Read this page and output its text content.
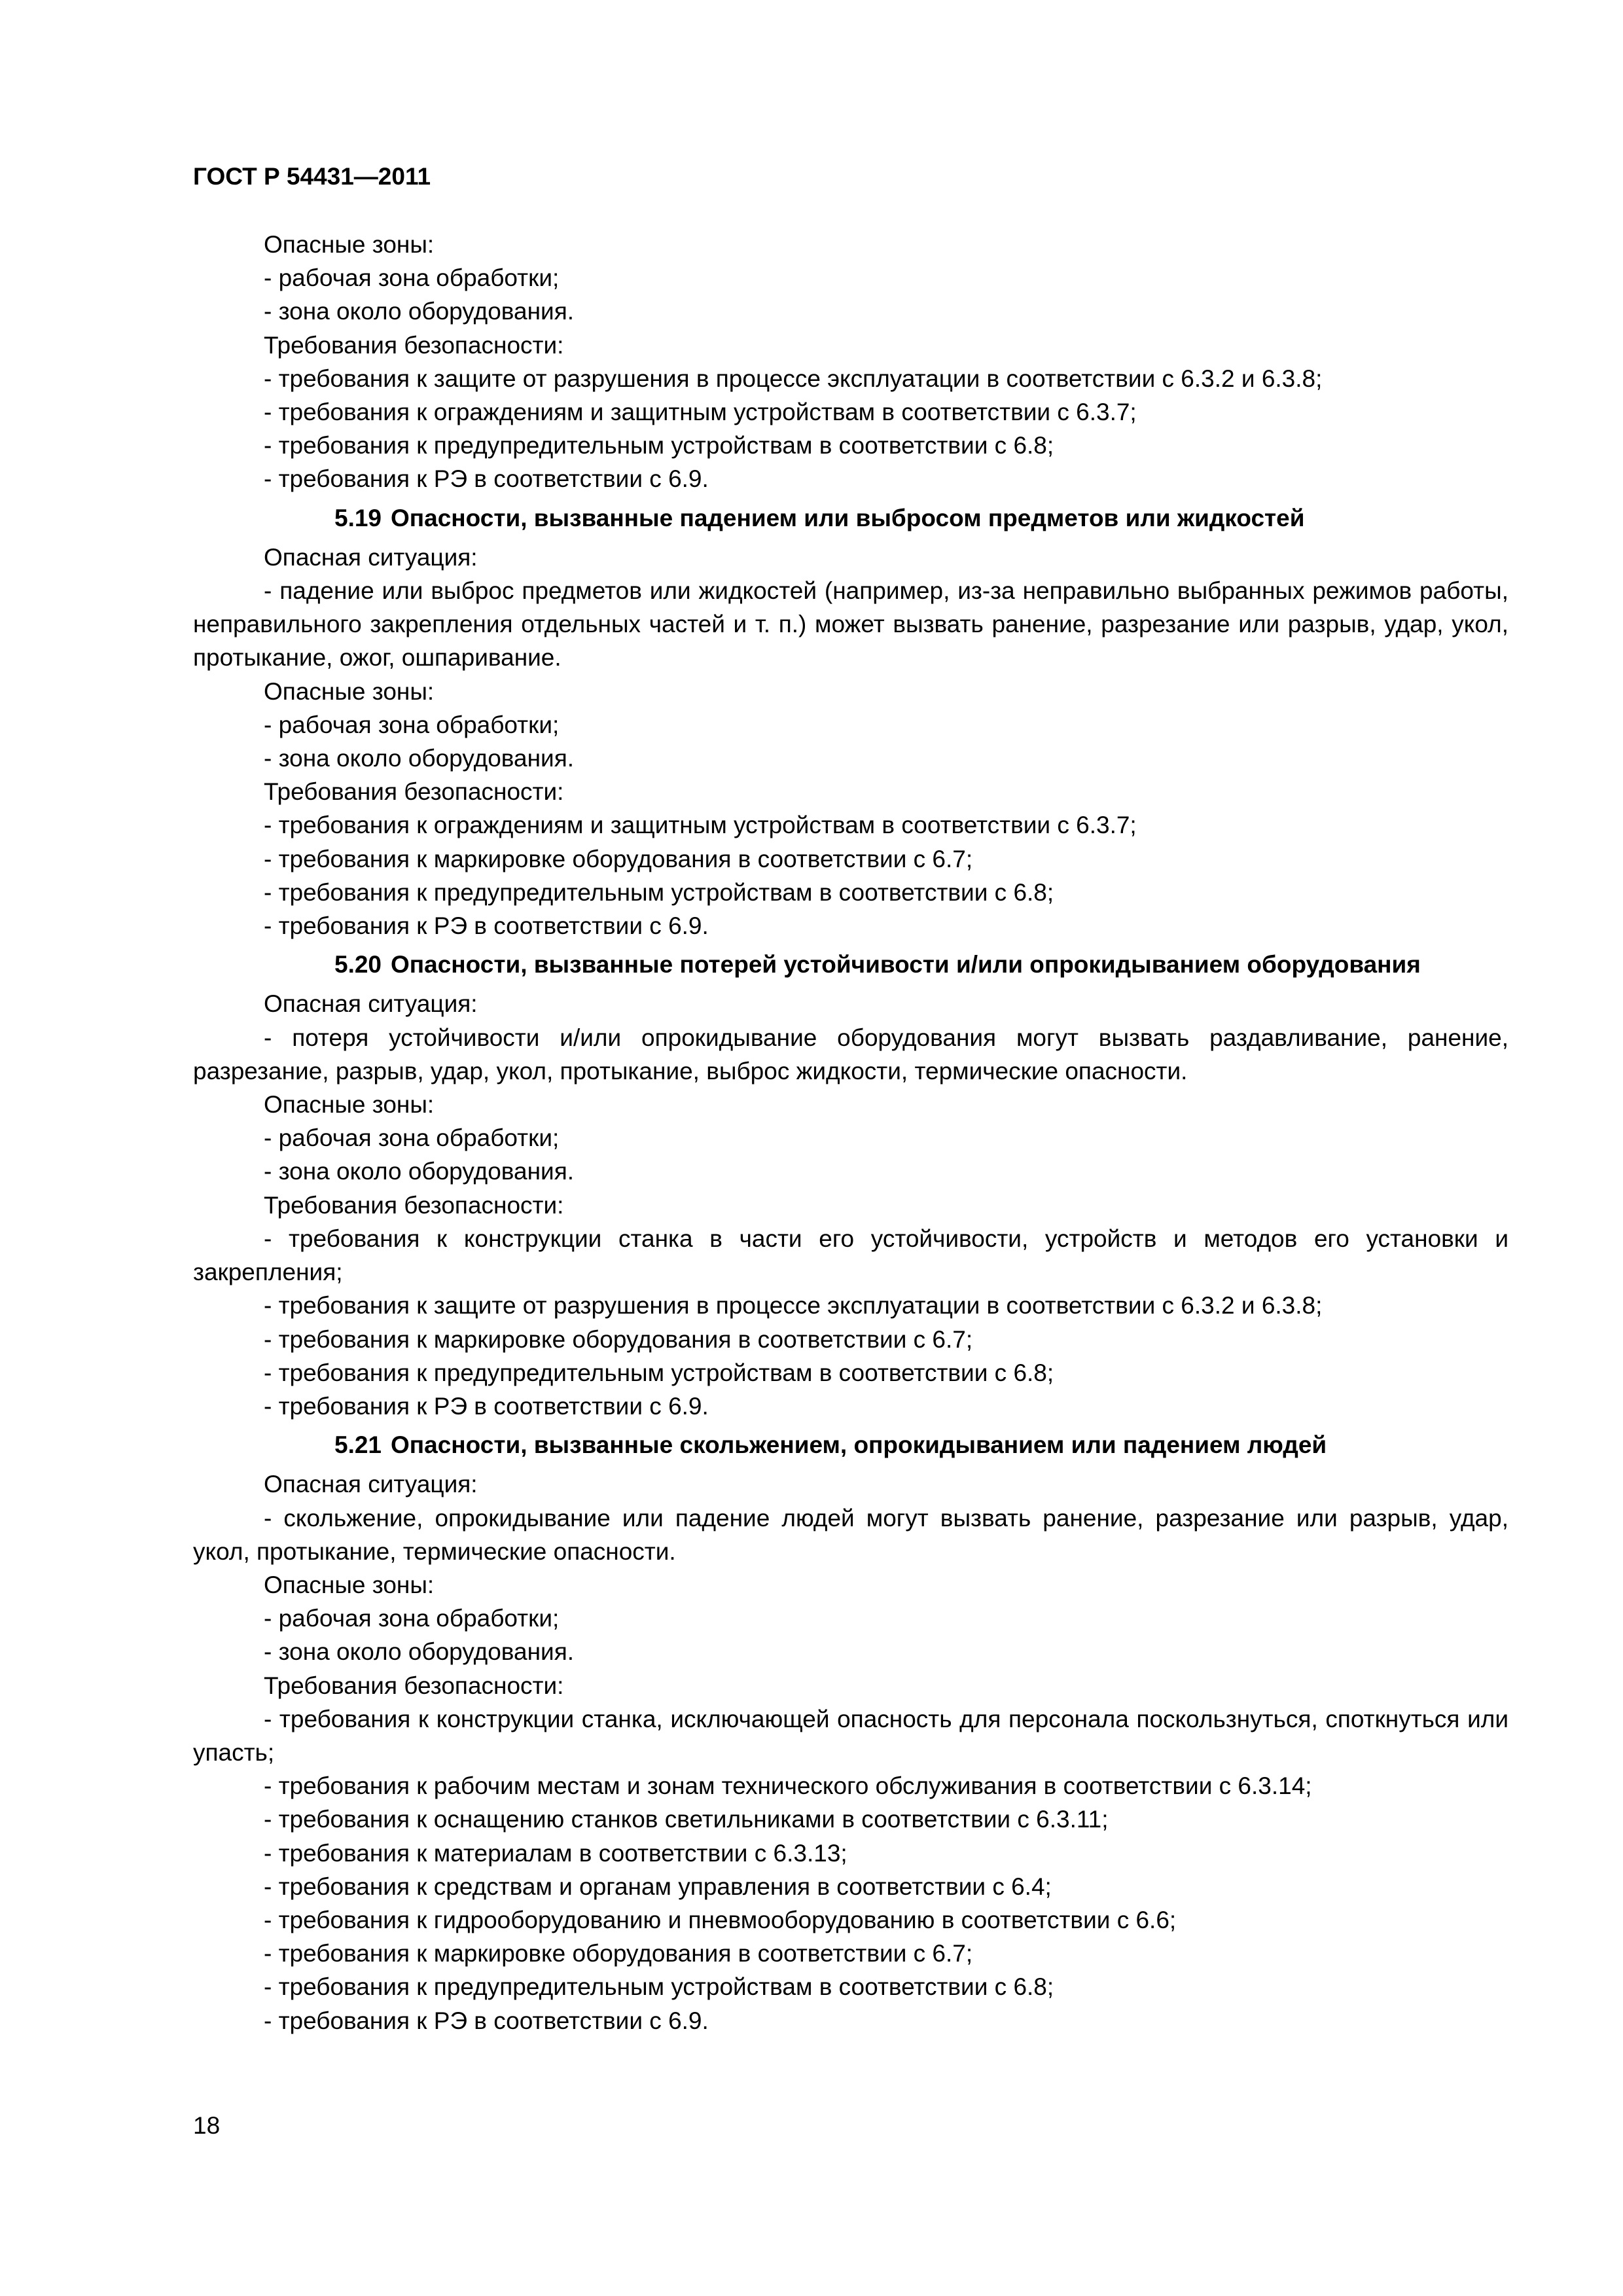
ГОСТ Р 54431—2011

Опасные зоны:

- рабочая зона обработки;

- зона около оборудования.

Требования безопасности:

- требования к защите от разрушения в процессе эксплуатации в соответствии с 6.3.2 и 6.3.8;

- требования к ограждениям и защитным устройствам в соответствии с 6.3.7;

- требования к предупредительным устройствам в соответствии с 6.8;

- требования к РЭ в соответствии с 6.9.

5.19 Опасности, вызванные падением или выбросом предметов или жидкостей

Опасная ситуация:

- падение или выброс предметов или жидкостей (например, из-за неправильно выбранных режимов работы, неправильного закрепления отдельных частей и т. п.) может вызвать ранение, разрезание или разрыв, удар, укол, протыкание, ожог, ошпаривание.

Опасные зоны:

- рабочая зона обработки;

- зона около оборудования.

Требования безопасности:

- требования к ограждениям и защитным устройствам в соответствии с 6.3.7;

- требования к маркировке оборудования в соответствии с 6.7;

- требования к предупредительным устройствам в соответствии с 6.8;

- требования к РЭ в соответствии с 6.9.

5.20 Опасности, вызванные потерей устойчивости и/или опрокидыванием оборудования

Опасная ситуация:

- потеря устойчивости и/или опрокидывание оборудования могут вызвать раздавливание, ранение, разрезание, разрыв, удар, укол, протыкание, выброс жидкости, термические опасности.

Опасные зоны:

- рабочая зона обработки;

- зона около оборудования.

Требования безопасности:

- требования к конструкции станка в части его устойчивости, устройств и методов его установки и закрепления;

- требования к защите от разрушения в процессе эксплуатации в соответствии с 6.3.2 и 6.3.8;

- требования к маркировке оборудования в соответствии с 6.7;

- требования к предупредительным устройствам в соответствии с 6.8;

- требования к РЭ в соответствии с 6.9.

5.21 Опасности, вызванные скольжением, опрокидыванием или падением людей

Опасная ситуация:

- скольжение, опрокидывание или падение людей могут вызвать ранение, разрезание или разрыв, удар, укол, протыкание, термические опасности.

Опасные зоны:

- рабочая зона обработки;

- зона около оборудования.

Требования безопасности:

- требования к конструкции станка, исключающей опасность для персонала поскользнуться, споткнуться или упасть;

- требования к рабочим местам и зонам технического обслуживания в соответствии с 6.3.14;

- требования к оснащению станков светильниками в соответствии с 6.3.11;

- требования к материалам в соответствии с 6.3.13;

- требования к средствам и органам управления в соответствии с 6.4;

- требования к гидрооборудованию и пневмооборудованию в соответствии с 6.6;

- требования к маркировке оборудования в соответствии с 6.7;

- требования к предупредительным устройствам в соответствии с 6.8;

- требования к РЭ в соответствии с 6.9.

18
